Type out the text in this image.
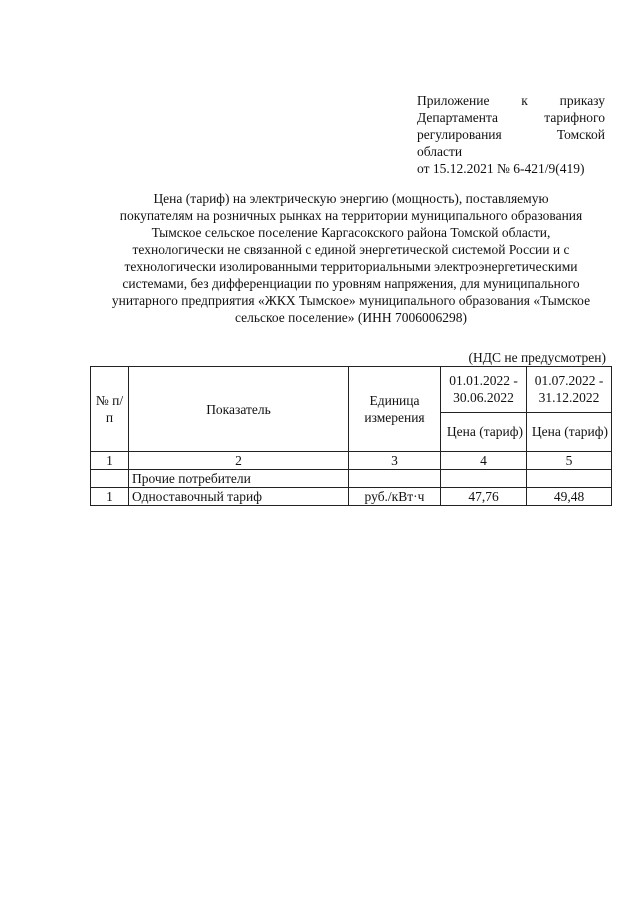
Приложение к приказу
Департамента тарифного
регулирования Томской
области
от 15.12.2021 № 6-421/9(419)
Цена (тариф) на электрическую энергию (мощность), поставляемую
покупателям на розничных рынках на территории муниципального образования
Тымское сельское поселение Каргасокского района Томской области,
технологически не связанной с единой энергетической системой России и с
технологически изолированными территориальными электроэнергетическими
системами, без дифференциации по уровням напряжения, для муниципального
унитарного предприятия «ЖКХ Тымское» муниципального образования «Тымское
сельское поселение» (ИНН 7006006298)
(НДС не предусмотрен)
№ п/п	Показатель	Единица измерения	01.01.2022 - 30.06.2022	01.07.2022 - 31.12.2022
			Цена (тариф)	Цена (тариф)
1	2	3	4	5
	Прочие потребители			
1	Одноставочный тариф	руб./кВт·ч	47,76	49,48
